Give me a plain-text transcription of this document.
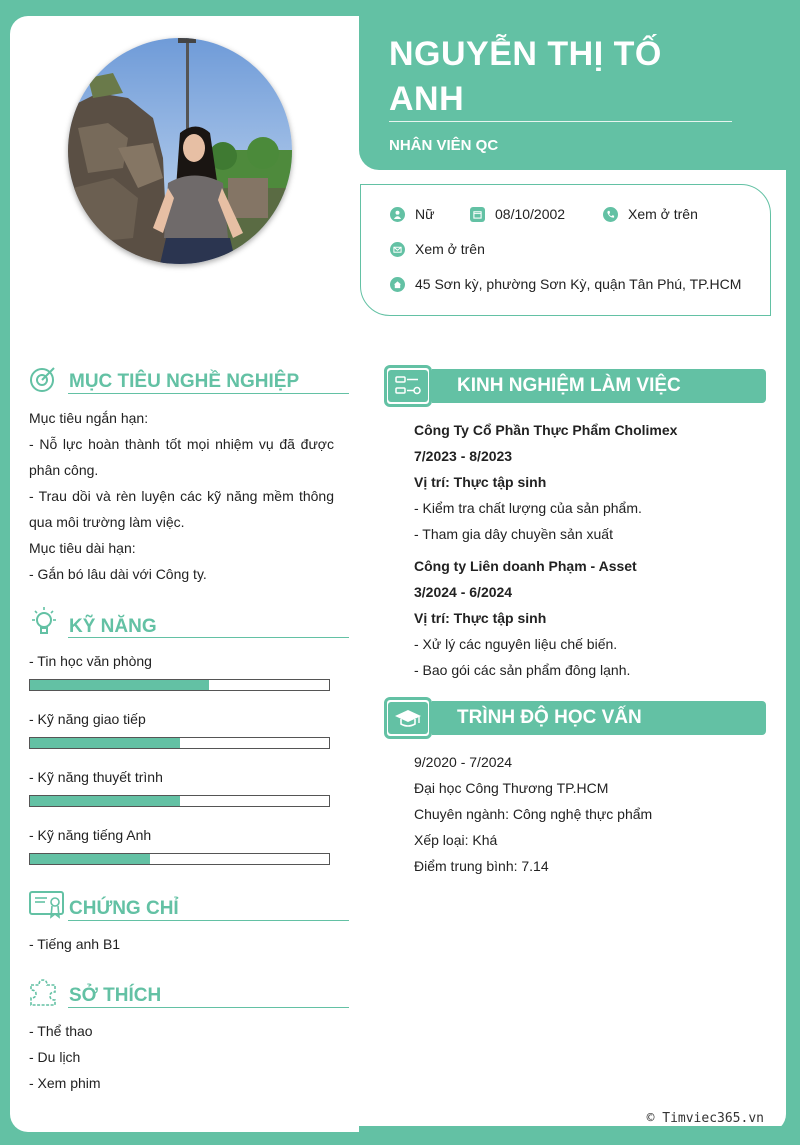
NGUYỄN THỊ TỐ
ANH
NHÂN VIÊN QC
Nữ	08/10/2002	Xem ở trên
Xem ở trên
45 Sơn kỳ, phường Sơn Kỳ, quận Tân Phú, TP.HCM
MỤC TIÊU NGHỀ NGHIỆP
Mục tiêu ngắn hạn:
- Nỗ lực hoàn thành tốt mọi nhiệm vụ đã được phân công.
- Trau dồi và rèn luyện các kỹ năng mềm thông qua môi trường làm việc.
Mục tiêu dài hạn:
- Gắn bó lâu dài với Công ty.
KỸ NĂNG
- Tin học văn phòng
- Kỹ năng giao tiếp
- Kỹ năng thuyết trình
- Kỹ năng tiếng Anh
CHỨNG CHỈ
- Tiếng anh B1
SỞ THÍCH
- Thể thao
- Du lịch
- Xem phim
KINH NGHIỆM LÀM VIỆC
Công Ty Cổ Phần Thực Phẩm Cholimex
7/2023 - 8/2023
Vị trí: Thực tập sinh
- Kiểm tra chất lượng của sản phẩm.
- Tham gia dây chuyền sản xuất
Công ty Liên doanh Phạm - Asset
3/2024 - 6/2024
Vị trí: Thực tập sinh
- Xử lý các nguyên liệu chế biến.
- Bao gói các sản phẩm đông lạnh.
TRÌNH ĐỘ HỌC VẤN
9/2020 - 7/2024
Đại học Công Thương TP.HCM
Chuyên ngành: Công nghệ thực phẩm
Xếp loại: Khá
Điểm trung bình: 7.14
© Timviec365.vn
